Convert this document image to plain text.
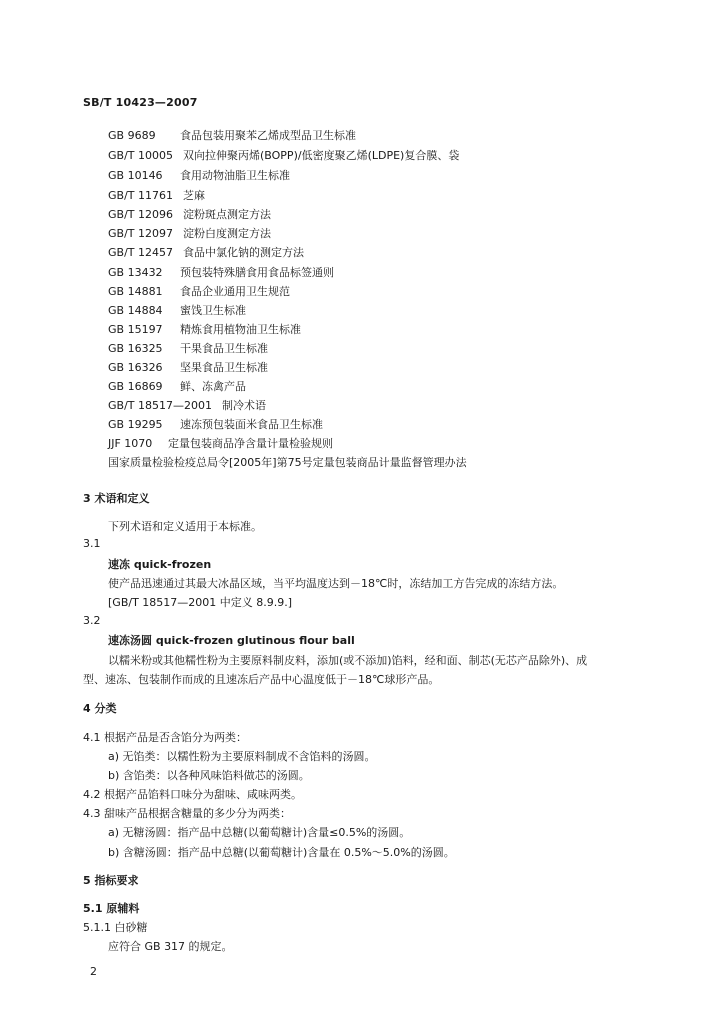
SB/T 10423—2007
GB 9689 食品包装用聚苯乙烯成型品卫生标准
GB/T 10005 双向拉伸聚丙烯(BOPP)/低密度聚乙烯(LDPE)复合膜、袋
GB 10146 食用动物油脂卫生标准
GB/T 11761 芝麻
GB/T 12096 淀粉斑点测定方法
GB/T 12097 淀粉白度测定方法
GB/T 12457 食品中氯化钠的测定方法
GB 13432 预包装特殊膳食用食品标签通则
GB 14881 食品企业通用卫生规范
GB 14884 蜜饯卫生标准
GB 15197 精炼食用植物油卫生标准
GB 16325 干果食品卫生标准
GB 16326 坚果食品卫生标准
GB 16869 鲜、冻禽产品
GB/T 18517—2001 制冷术语
GB 19295 速冻预包装面米食品卫生标准
JJF 1070 定量包装商品净含量计量检验规则
国家质量检验检疫总局令[2005年]第75号定量包装商品计量监督管理办法
3 术语和定义
下列术语和定义适用于本标准。
3.1
速冻 quick-frozen
使产品迅速通过其最大冰晶区域，当平均温度达到－18℃时，冻结加工方告完成的冻结方法。
[GB/T 18517—2001 中定义 8.9.9.]
3.2
速冻汤圆 quick-frozen glutinous flour ball
以糯米粉或其他糯性粉为主要原料制皮料，添加(或不添加)馅料，经和面、制芯(无芯产品除外)、成
型、速冻、包装制作而成的且速冻后产品中心温度低于－18℃球形产品。
4 分类
4.1 根据产品是否含馅分为两类：
a) 无馅类：以糯性粉为主要原料制成不含馅料的汤圆。
b) 含馅类：以各种风味馅料做芯的汤圆。
4.2 根据产品馅料口味分为甜味、咸味两类。
4.3 甜味产品根据含糖量的多少分为两类：
a) 无糖汤圆：指产品中总糖(以葡萄糖计)含量≤0.5%的汤圆。
b) 含糖汤圆：指产品中总糖(以葡萄糖计)含量在 0.5%～5.0%的汤圆。
5 指标要求
5.1 原辅料
5.1.1 白砂糖
应符合 GB 317 的规定。
2
